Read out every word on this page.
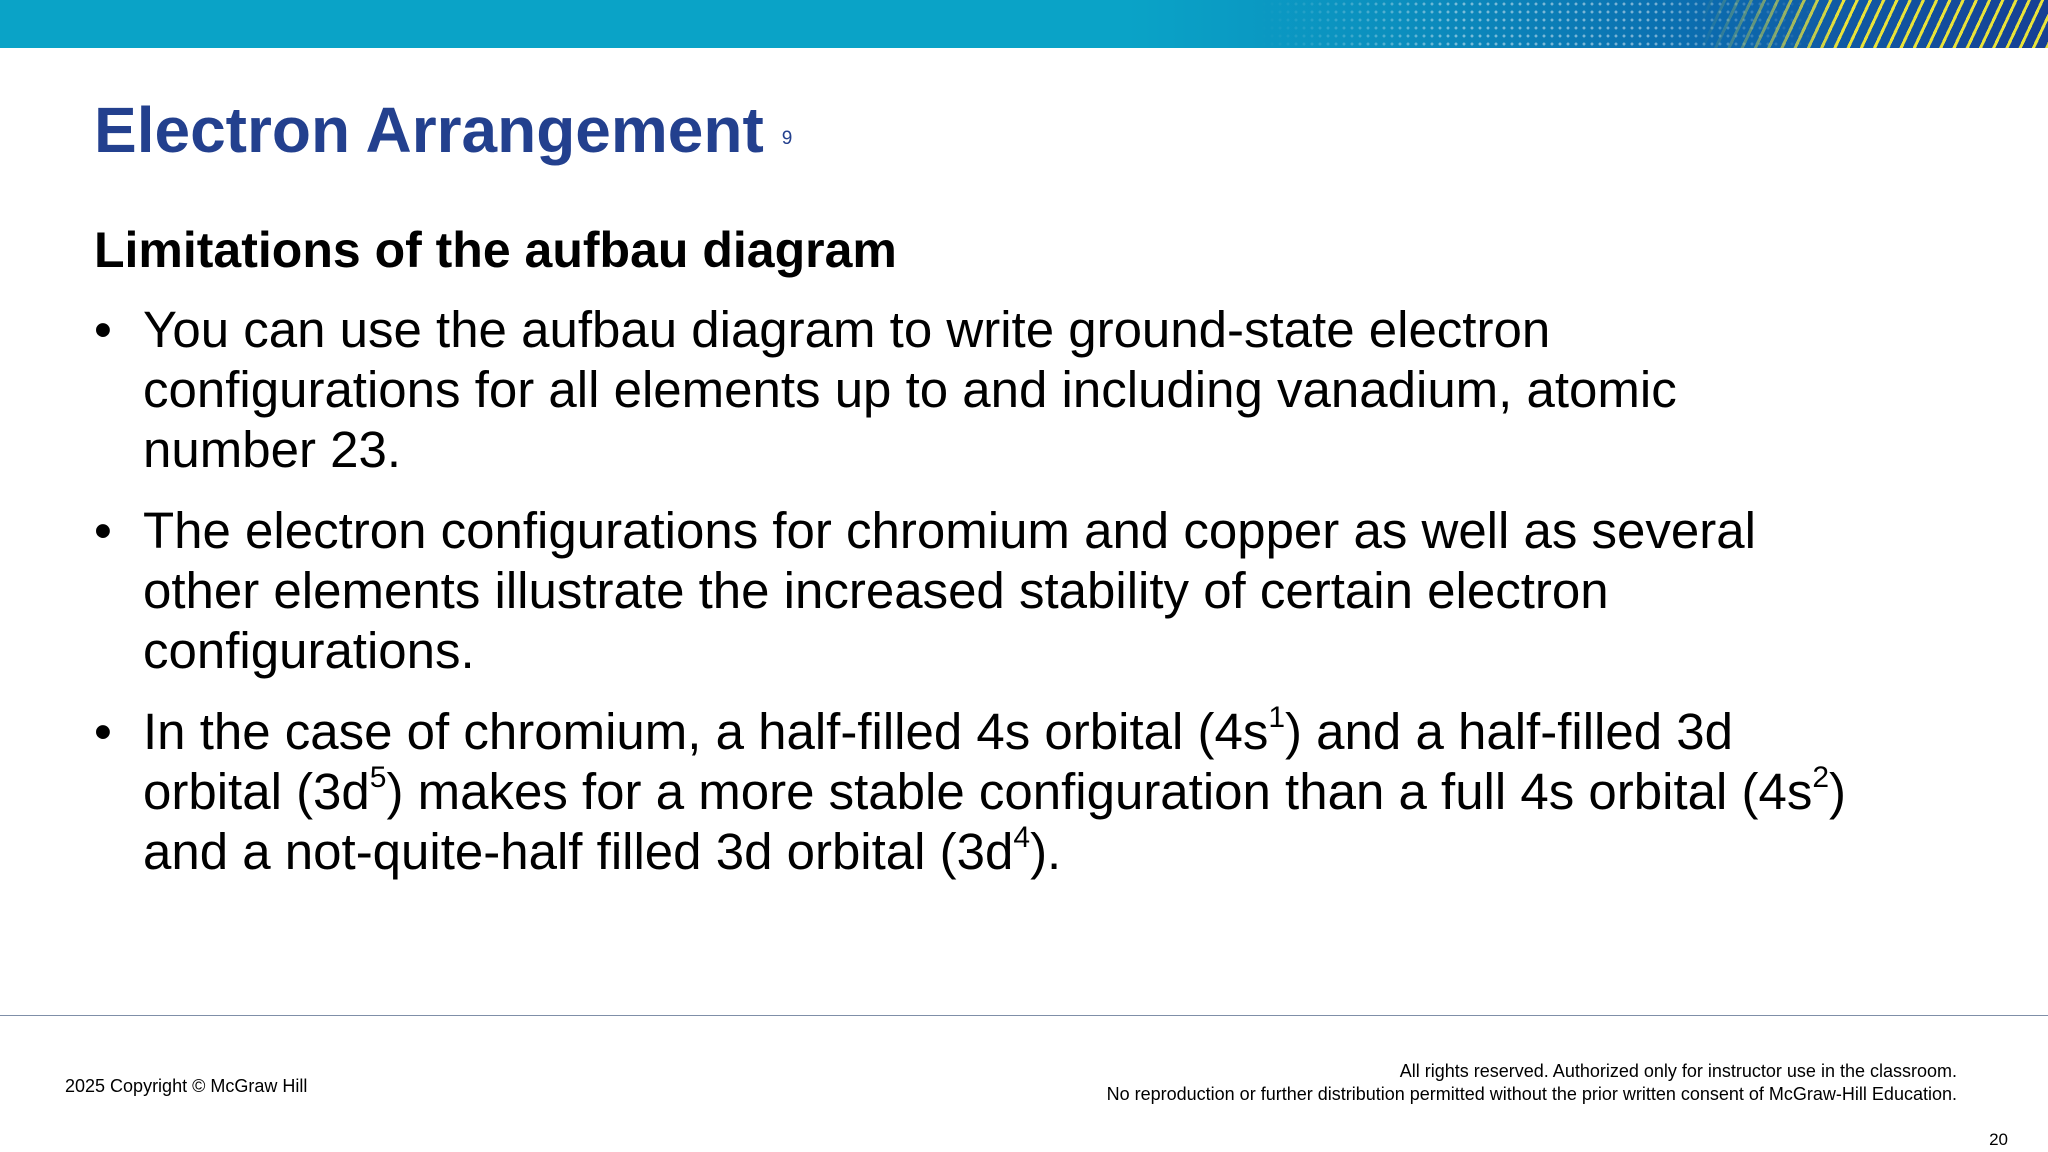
Electron Arrangement 9
Limitations of the aufbau diagram
• You can use the aufbau diagram to write ground-state electron configurations for all elements up to and including vanadium, atomic number 23.
• The electron configurations for chromium and copper as well as several other elements illustrate the increased stability of certain electron configurations.
• In the case of chromium, a half-filled 4s orbital $(4s^1)$ and a half-filled 3d orbital $(3d^5)$ makes for a more stable configuration than a full 4s orbital $(4s^2)$ and a not-quite-half filled 3d orbital $(3d^4)$.
2025 Copyright © McGraw Hill
All rights reserved. Authorized only for instructor use in the classroom.
No reproduction or further distribution permitted without the prior written consent of McGraw-Hill Education.
20
